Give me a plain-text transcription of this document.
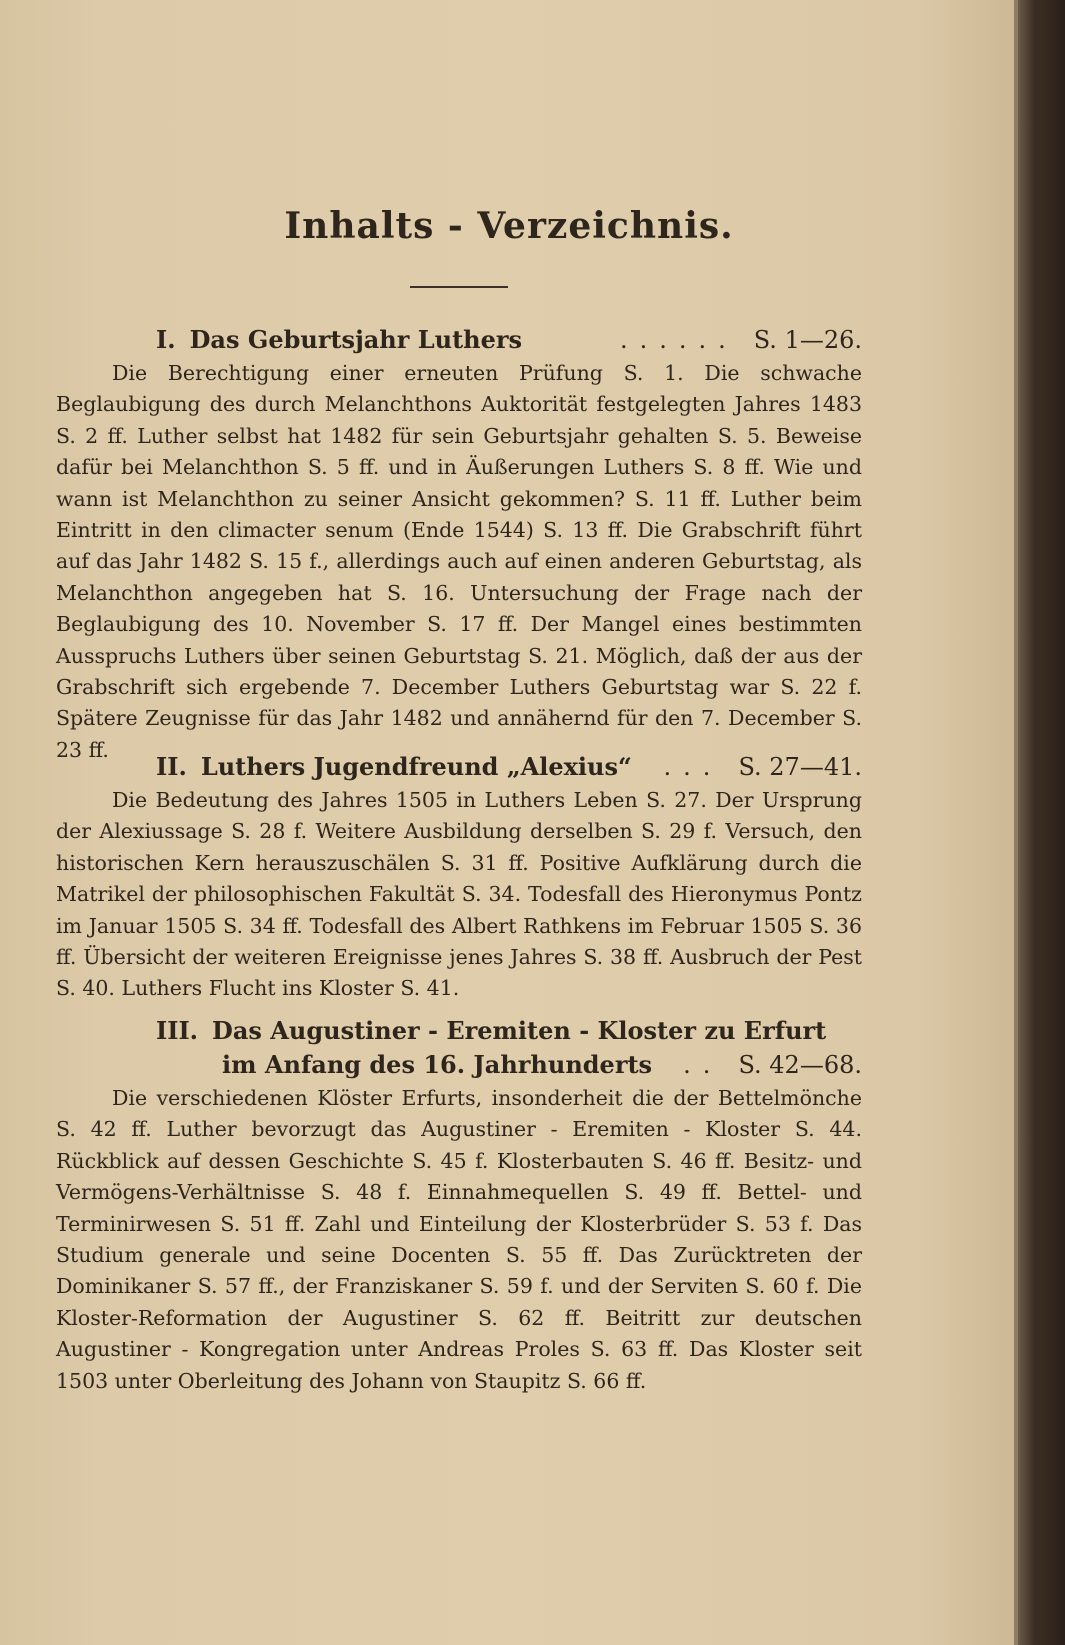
Inhalts - Verzeichnis.
I. Das Geburtsjahr Luthers	...... S. 1—26.
Die Berechtigung einer erneuten Prüfung S. 1. Die schwache Beglaubigung des durch Melanchthons Auktorität festgelegten Jahres 1483 S. 2 ff. Luther selbst hat 1482 für sein Geburtsjahr gehalten S. 5. Beweise dafür bei Melanchthon S. 5 ff. und in Äußerungen Luthers S. 8 ff. Wie und wann ist Melanchthon zu seiner Ansicht gekommen? S. 11 ff. Luther beim Eintritt in den climacter senum (Ende 1544) S. 13 ff. Die Grabschrift führt auf das Jahr 1482 S. 15 f., allerdings auch auf einen anderen Geburtstag, als Melanchthon angegeben hat S. 16. Untersuchung der Frage nach der Beglaubigung des 10. November S. 17 ff. Der Mangel eines bestimmten Ausspruchs Luthers über seinen Geburtstag S. 21. Möglich, daß der aus der Grabschrift sich ergebende 7. December Luthers Geburtstag war S. 22 f. Spätere Zeugnisse für das Jahr 1482 und annähernd für den 7. December S. 23 ff.
II. Luthers Jugendfreund „Alexius“	... S. 27—41.
Die Bedeutung des Jahres 1505 in Luthers Leben S. 27. Der Ursprung der Alexiussage S. 28 f. Weitere Ausbildung derselben S. 29 f. Versuch, den historischen Kern herauszuschälen S. 31 ff. Positive Aufklärung durch die Matrikel der philosophischen Fakultät S. 34. Todesfall des Hieronymus Pontz im Januar 1505 S. 34 ff. Todesfall des Albert Rathkens im Februar 1505 S. 36 ff. Übersicht der weiteren Ereignisse jenes Jahres S. 38 ff. Ausbruch der Pest S. 40. Luthers Flucht ins Kloster S. 41.
III. Das Augustiner - Eremiten - Kloster zu Erfurt
im Anfang des 16. Jahrhunderts	.. S. 42—68.
Die verschiedenen Klöster Erfurts, insonderheit die der Bettelmönche S. 42 ff. Luther bevorzugt das Augustiner - Eremiten - Kloster S. 44. Rückblick auf dessen Geschichte S. 45 f. Klosterbauten S. 46 ff. Besitz- und Vermögens-Verhältnisse S. 48 f. Einnahmequellen S. 49 ff. Bettel- und Terminirwesen S. 51 ff. Zahl und Einteilung der Klosterbrüder S. 53 f. Das Studium generale und seine Docenten S. 55 ff. Das Zurücktreten der Dominikaner S. 57 ff., der Franziskaner S. 59 f. und der Serviten S. 60 f. Die Kloster-Reformation der Augustiner S. 62 ff. Beitritt zur deutschen Augustiner - Kongregation unter Andreas Proles S. 63 ff. Das Kloster seit 1503 unter Oberleitung des Johann von Staupitz S. 66 ff.
